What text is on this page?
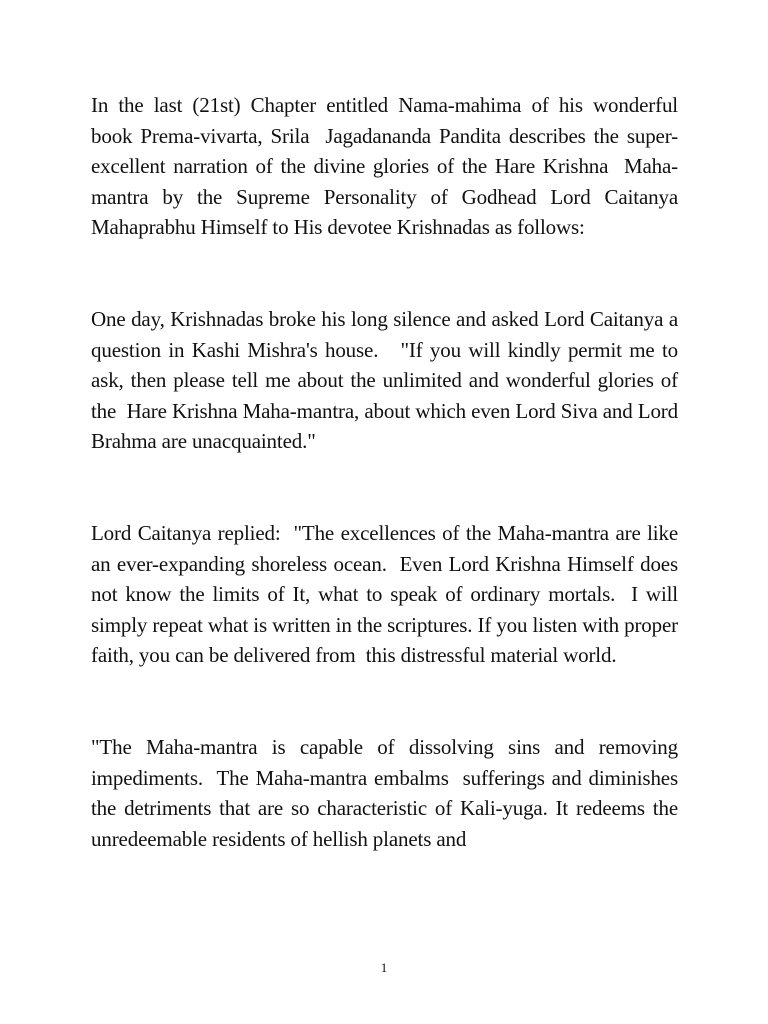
In the last (21st) Chapter entitled Nama-mahima of his wonderful book Prema-vivarta, Srila  Jagadananda Pandita describes the super-excellent narration of the divine glories of the Hare Krishna  Maha-mantra by the Supreme Personality of Godhead Lord Caitanya Mahaprabhu Himself to His devotee Krishnadas as follows:

One day, Krishnadas broke his long silence and asked Lord Caitanya a question in Kashi Mishra's house.   "If you will kindly permit me to ask, then please tell me about the unlimited and wonderful glories of the  Hare Krishna Maha-mantra, about which even Lord Siva and Lord Brahma are unacquainted."

Lord Caitanya replied:  "The excellences of the Maha-mantra are like an ever-expanding shoreless ocean.  Even Lord Krishna Himself does not know the limits of It, what to speak of ordinary mortals.  I will  simply repeat what is written in the scriptures. If you listen with proper faith, you can be delivered from  this distressful material world.

"The Maha-mantra is capable of dissolving sins and removing impediments.  The Maha-mantra embalms  sufferings and diminishes the detriments that are so characteristic of Kali-yuga. It redeems the  unredeemable residents of hellish planets and

1
